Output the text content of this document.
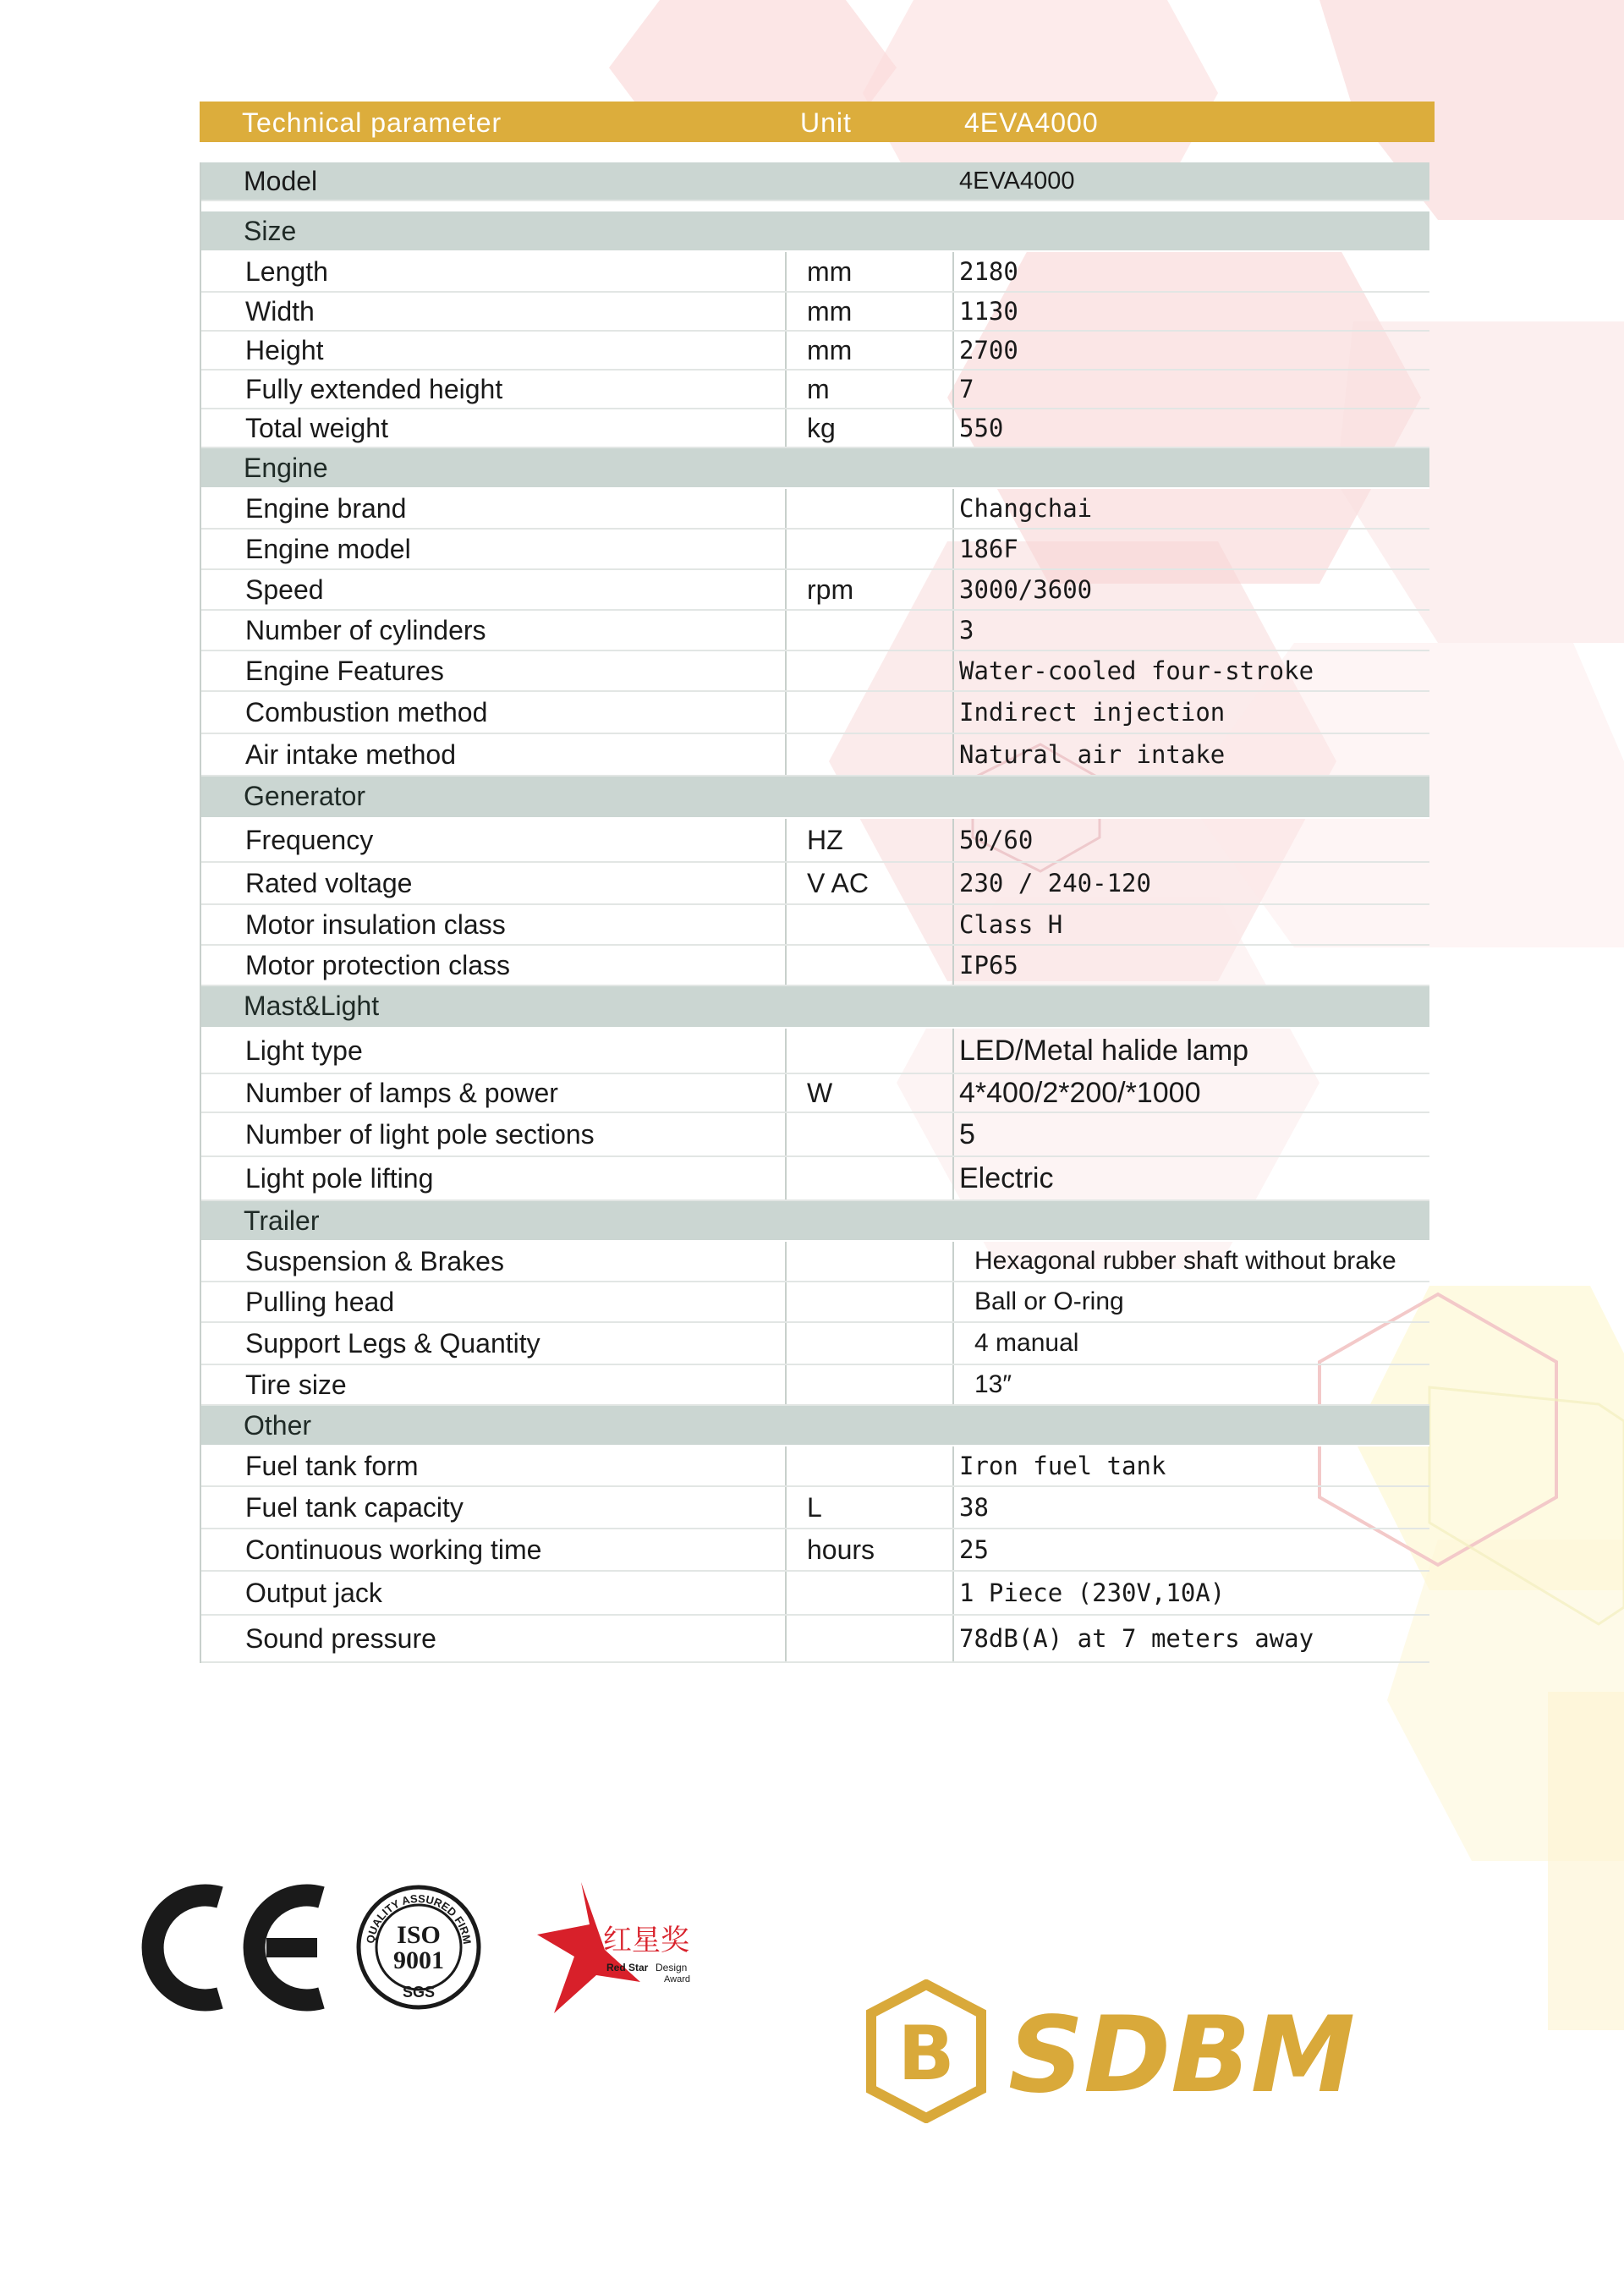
Technical parameter	Unit	4EVA4000
Model	4EVA4000
Size
Length	mm	2180
Width	mm	1130
Height	mm	2700
Fully extended height	m	7
Total weight	kg	550
Engine
Engine brand	Changchai
Engine model	186F
Speed	rpm	3000/3600
Number of cylinders	3
Engine Features	Water-cooled four-stroke
Combustion method	Indirect injection
Air intake method	Natural air intake
Generator
Frequency	HZ	50/60
Rated voltage	V AC	230 / 240-120
Motor insulation class	Class H
Motor protection class	IP65
Mast&Light
Light type	LED/Metal halide lamp
Number of lamps & power	W	4*400/2*200/*1000
Number of light pole sections	5
Light pole lifting	Electric
Trailer
Suspension & Brakes	Hexagonal rubber shaft without brake
Pulling head	Ball or O-ring
Support Legs & Quantity	4 manual
Tire size	13″
Other
Fuel tank form	Iron fuel tank
Fuel tank capacity	L	38
Continuous working time	hours	25
Output jack	1 Piece (230V,10A)
Sound pressure	78dB(A) at 7 meters away
QUALITY ASSURED FIRM
ISO
9001
SGS
红星奖
Red Star Design
Award
B SDBM
